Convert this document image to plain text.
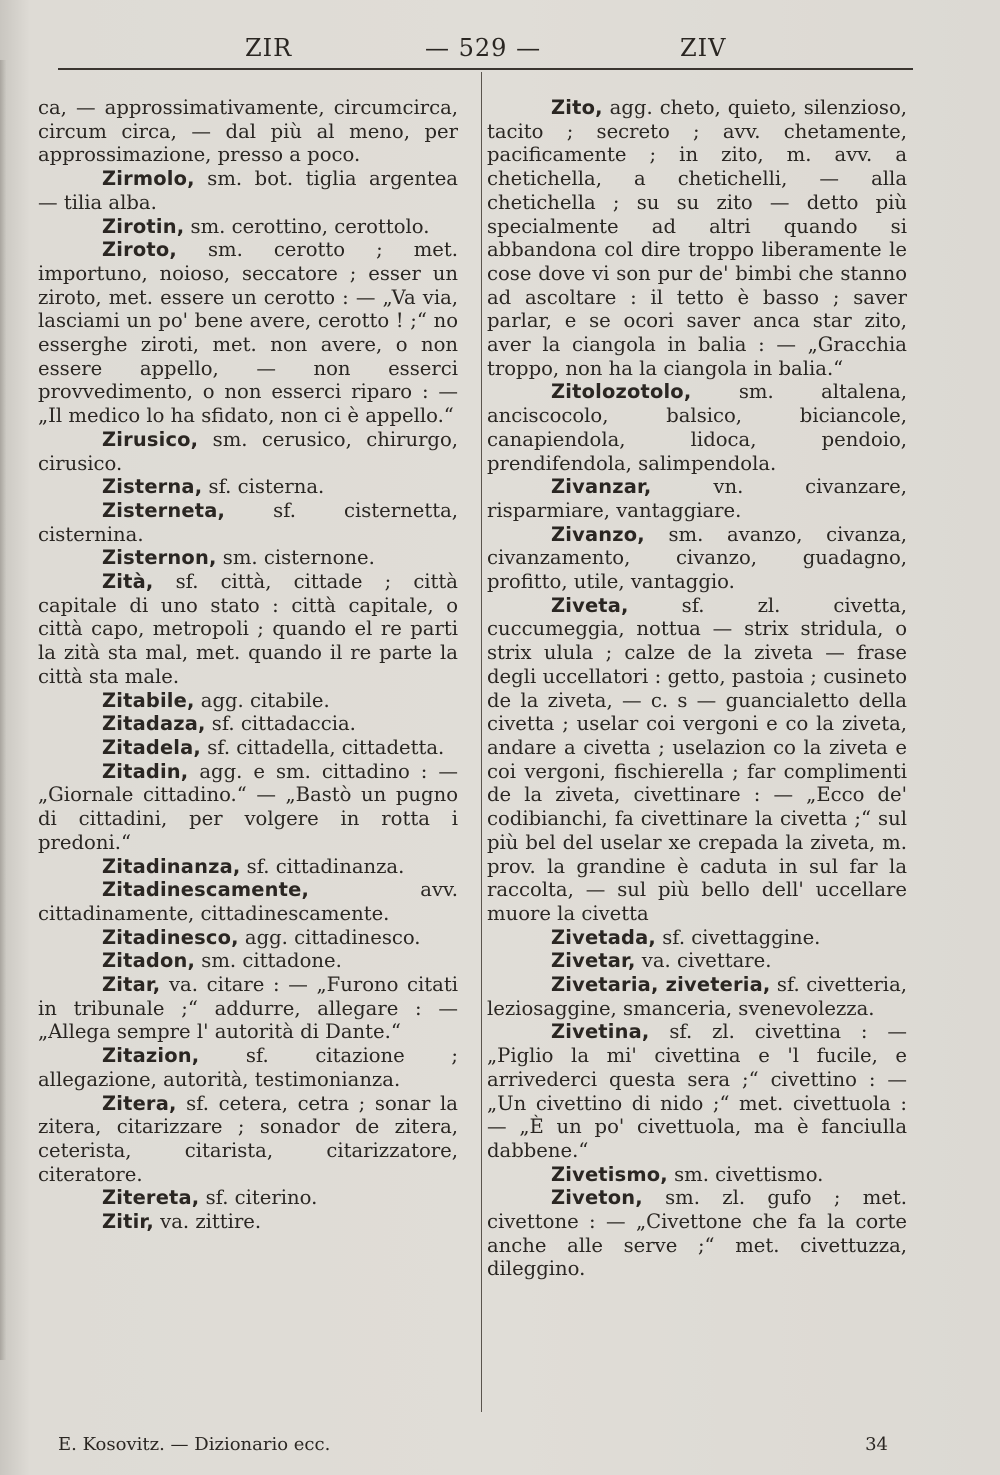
ZIR	— 529 —	ZIV

ca, — approssimativamente, circumcirca, circum circa, — dal più al meno, per approssimazione, presso a poco.

Zirmolo, sm. bot. tiglia argentea — tilia alba.

Zirotin, sm. cerottino, cerottolo.

Ziroto, sm. cerotto ; met. importuno, noioso, seccatore ; esser un ziroto, met. essere un cerotto : — „Va via, lasciami un po' bene avere, cerotto ! ;“ no esserghe ziroti, met. non avere, o non essere appello, — non esserci provvedimento, o non esserci riparo : — „Il medico lo ha sfidato, non ci è appello.“

Zirusico, sm. cerusico, chirurgo, cirusico.

Zisterna, sf. cisterna.

Zisterneta, sf. cisternetta, cisternina.

Zisternon, sm. cisternone.

Zità, sf. città, cittade ; città capitale di uno stato : città capitale, o città capo, metropoli ; quando el re parti la zità sta mal, met. quando il re parte la città sta male.

Zitabile, agg. citabile.

Zitadaza, sf. cittadaccia.

Zitadela, sf. cittadella, cittadetta.

Zitadin, agg. e sm. cittadino : — „Giornale cittadino.“ — „Bastò un pugno di cittadini, per volgere in rotta i predoni.“

Zitadinanza, sf. cittadinanza.

Zitadinescamente, avv. cittadinamente, cittadinescamente.

Zitadinesco, agg. cittadinesco.

Zitadon, sm. cittadone.

Zitar, va. citare : — „Furono citati in tribunale ;“ addurre, allegare : — „Allega sempre l' autorità di Dante.“

Zitazion, sf. citazione ; allegazione, autorità, testimonianza.

Zitera, sf. cetera, cetra ; sonar la zitera, citarizzare ; sonador de zitera, ceterista, citarista, citarizzatore, citeratore.

Zitereta, sf. citerino.

Zitir, va. zittire.

Zito, agg. cheto, quieto, silenzioso, tacito ; secreto ; avv. chetamente, pacificamente ; in zito, m. avv. a chetichella, a chetichelli, — alla chetichella ; su su zito — detto più specialmente ad altri quando si abbandona col dire troppo liberamente le cose dove vi son pur de' bimbi che stanno ad ascoltare : il tetto è basso ; saver parlar, e se ocori saver anca star zito, aver la ciangola in balia : — „Gracchia troppo, non ha la ciangola in balia.“

Zitolozotolo, sm. altalena, anciscocolo, balsico, biciancole, canapiendola, lidoca, pendoio, prendifendola, salimpendola.

Zivanzar, vn. civanzare, risparmiare, vantaggiare.

Zivanzo, sm. avanzo, civanza, civanzamento, civanzo, guadagno, profitto, utile, vantaggio.

Ziveta, sf. zl. civetta, cuccumeggia, nottua — strix stridula, o strix ulula ; calze de la ziveta — frase degli uccellatori : getto, pastoia ; cusineto de la ziveta, — c. s — guancialetto della civetta ; uselar coi vergoni e co la ziveta, andare a civetta ; uselazion co la ziveta e coi vergoni, fischierella ; far complimenti de la ziveta, civettinare : — „Ecco de' codibianchi, fa civettinare la civetta ;“ sul più bel del uselar xe crepada la ziveta, m. prov. la grandine è caduta in sul far la raccolta, — sul più bello dell' uccellare muore la civetta

Zivetada, sf. civettaggine.

Zivetar, va. civettare.

Zivetaria, ziveteria, sf. civetteria, leziosaggine, smanceria, svenevolezza.

Zivetina, sf. zl. civettina : — „Piglio la mi' civettina e 'l fucile, e arrivederci questa sera ;“ civettino : — „Un civettino di nido ;“ met. civettuola : — „È un po' civettuola, ma è fanciulla dabbene.“

Zivetismo, sm. civettismo.

Ziveton, sm. zl. gufo ; met. civettone : — „Civettone che fa la corte anche alle serve ;“ met. civettuzza, dileggino.

E. Kosovitz. — Dizionario ecc.	34
